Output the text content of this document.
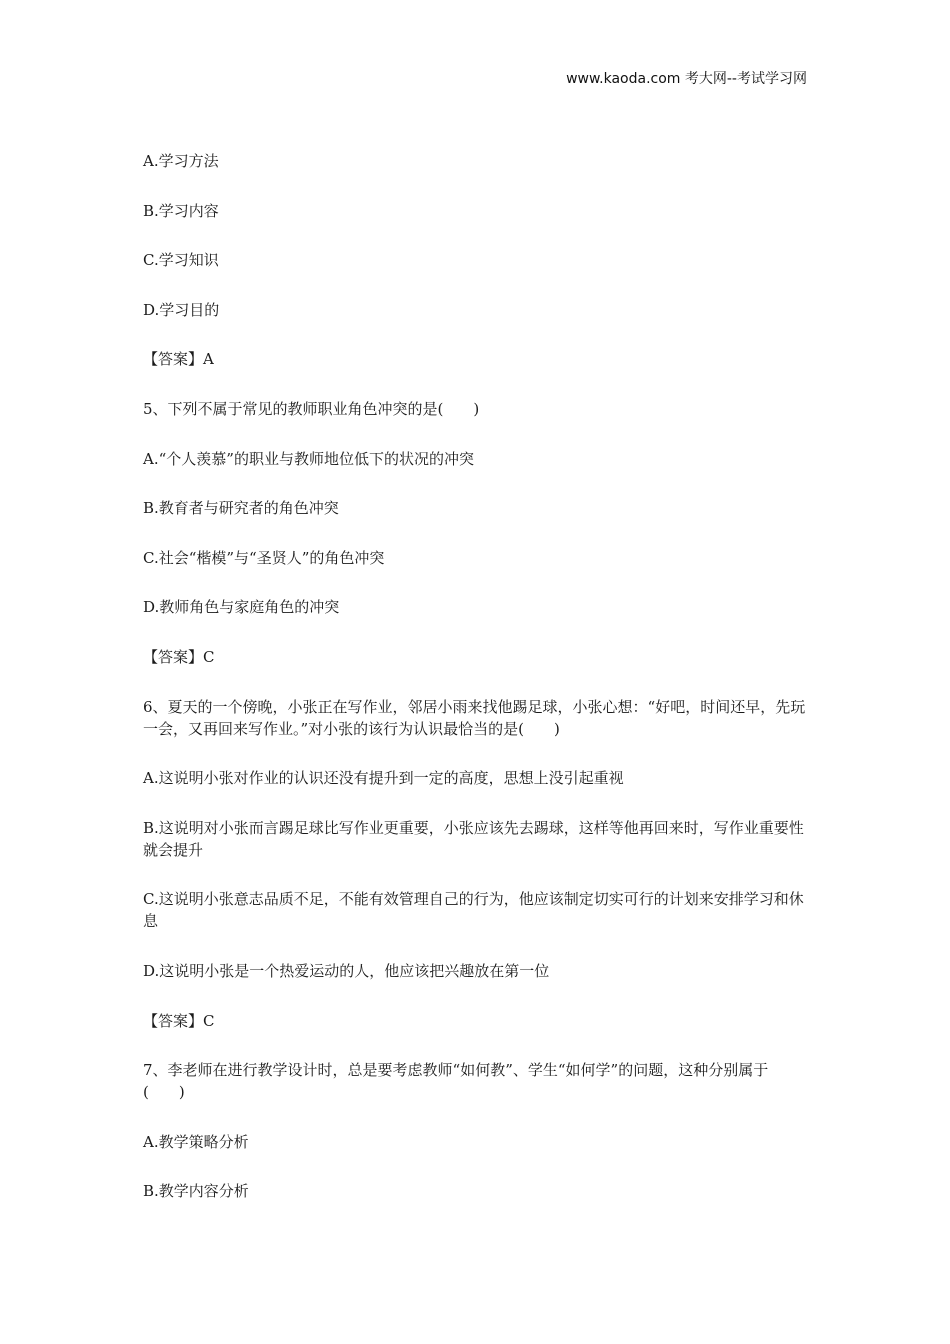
www.kaoda.com 考大网--考试学习网
A.学习方法
B.学习内容
C.学习知识
D.学习目的
【答案】A
5、下列不属于常见的教师职业角色冲突的是(　　)
A.“个人羡慕”的职业与教师地位低下的状况的冲突
B.教育者与研究者的角色冲突
C.社会“楷模”与“圣贤人”的角色冲突
D.教师角色与家庭角色的冲突
【答案】C
6、夏天的一个傍晚，小张正在写作业，邻居小雨来找他踢足球，小张心想：“好吧，时间还早，先玩一会，又再回来写作业。”对小张的该行为认识最恰当的是(　　)
A.这说明小张对作业的认识还没有提升到一定的高度，思想上没引起重视
B.这说明对小张而言踢足球比写作业更重要，小张应该先去踢球，这样等他再回来时，写作业重要性就会提升
C.这说明小张意志品质不足，不能有效管理自己的行为，他应该制定切实可行的计划来安排学习和休息
D.这说明小张是一个热爱运动的人，他应该把兴趣放在第一位
【答案】C
7、李老师在进行教学设计时，总是要考虑教师“如何教”、学生“如何学”的问题，这种分别属于(　　)
A.教学策略分析
B.教学内容分析
